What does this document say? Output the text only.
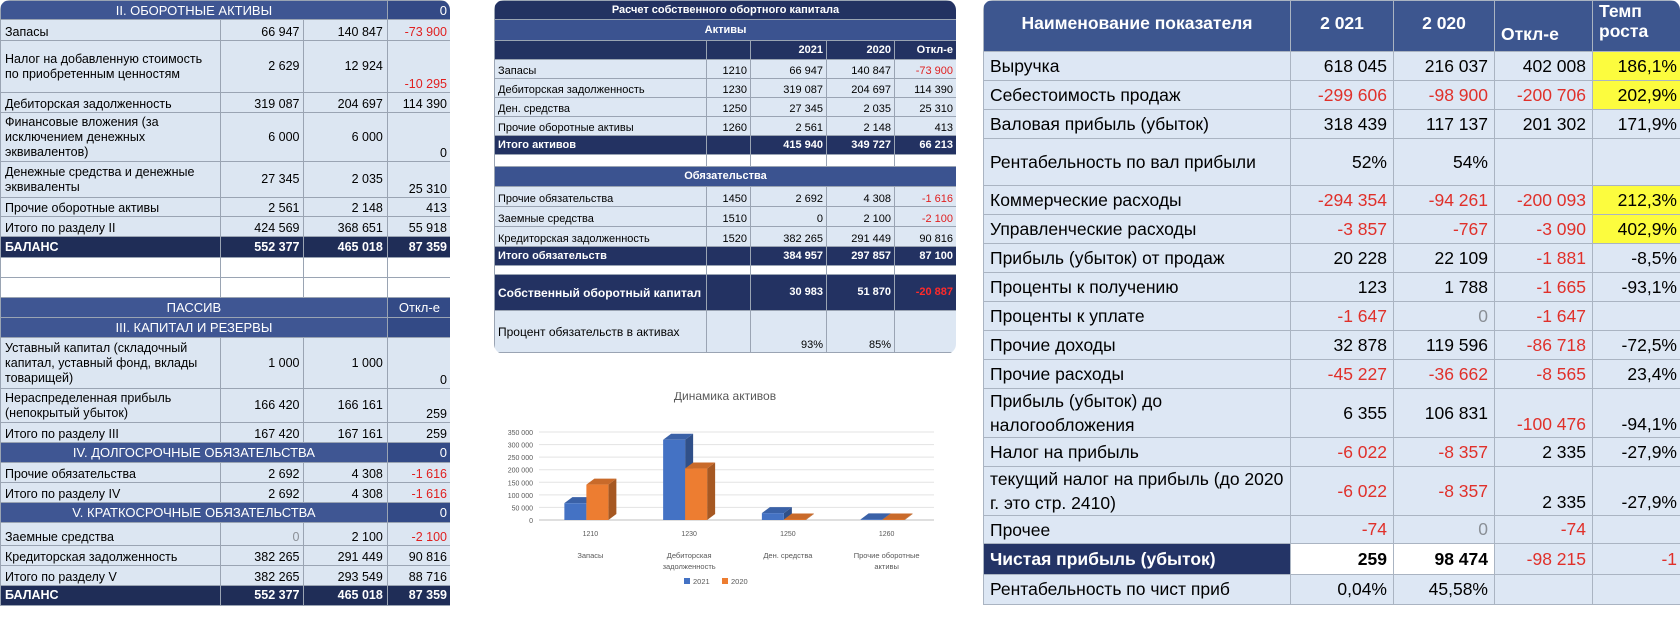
II. ОБОРОТНЫЕ АКТИВЫ			0
Запасы	66 947	140 847	-73 900
Налог на добавленную стоимость по приобретенным ценностям	2 629	12 924	-10 295
Дебиторская задолженность	319 087	204 697	114 390
Финансовые вложения (за исключением денежных эквивалентов)	6 000	6 000	0
Денежные средства и денежные эквиваленты	27 345	2 035	25 310
Прочие оборотные активы	2 561	2 148	413
Итого по разделу II	424 569	368 651	55 918
БАЛАНС	552 377	465 018	87 359

ПАССИВ			Откл-е
III. КАПИТАЛ И РЕЗЕРВЫ			
Уставный капитал (складочный капитал, уставный фонд, вклады товарищей)	1 000	1 000	0
Нераспределенная прибыль (непокрытый убыток)	166 420	166 161	259
Итого по разделу III	167 420	167 161	259
IV. ДОЛГОСРОЧНЫЕ ОБЯЗАТЕЛЬСТВА			0
Прочие обязательства	2 692	4 308	-1 616
Итого по разделу IV	2 692	4 308	-1 616
V. КРАТКОСРОЧНЫЕ ОБЯЗАТЕЛЬСТВА			0
Заемные средства	0	2 100	-2 100
Кредиторская задолженность	382 265	291 449	90 816
Итого по разделу V	382 265	293 549	88 716
БАЛАНС	552 377	465 018	87 359
Расчет собственного обортного капитала				
Активы				
		2021	2020	Откл-е
Запасы	1210	66 947	140 847	-73 900
Дебиторская задолженность	1230	319 087	204 697	114 390
Ден. средства	1250	27 345	2 035	25 310
Прочие оборотные активы	1260	2 561	2 148	413
Итого активов		415 940	349 727	66 213

Обязательства				
Прочие обязательства	1450	2 692	4 308	-1 616
Заемные средства	1510	0	2 100	-2 100
Кредиторская задолженность	1520	382 265	291 449	90 816
Итого обязательств		384 957	297 857	87 100

Собственный оборотный капитал		30 983	51 870	-20 887
Процент обязательств в активах		93%	85%	
Динамика активов
0
50 000
100 000
150 000
200 000
250 000
300 000
350 000
1210
Запасы
1230
Дебиторская
задолженность
1250
Ден. средства
1260
Прочие оборотные
активы
2021	2020
Наименование показателя	2 021	2 020	Откл-е	Темп роста
Выручка	618 045	216 037	402 008	186,1%
Себестоимость продаж	-299 606	-98 900	-200 706	202,9%
Валовая прибыль (убыток)	318 439	117 137	201 302	171,9%
Рентабельность по вал прибыли	52%	54%		
Коммерческие расходы	-294 354	-94 261	-200 093	212,3%
Управленческие расходы	-3 857	-767	-3 090	402,9%
Прибыль (убыток) от продаж	20 228	22 109	-1 881	-8,5%
Проценты к получению	123	1 788	-1 665	-93,1%
Проценты к уплате	-1 647	0	-1 647	
Прочие доходы	32 878	119 596	-86 718	-72,5%
Прочие расходы	-45 227	-36 662	-8 565	23,4%
Прибыль (убыток) до налогообложения	6 355	106 831	-100 476	-94,1%
Налог на прибыль	-6 022	-8 357	2 335	-27,9%
текущий налог на прибыль (до 2020 г. это стр. 2410)	-6 022	-8 357	2 335	-27,9%
Прочее	-74	0	-74	
Чистая прибыль (убыток)	259	98 474	-98 215	-1
Рентабельность по чист приб	0,04%	45,58%		
